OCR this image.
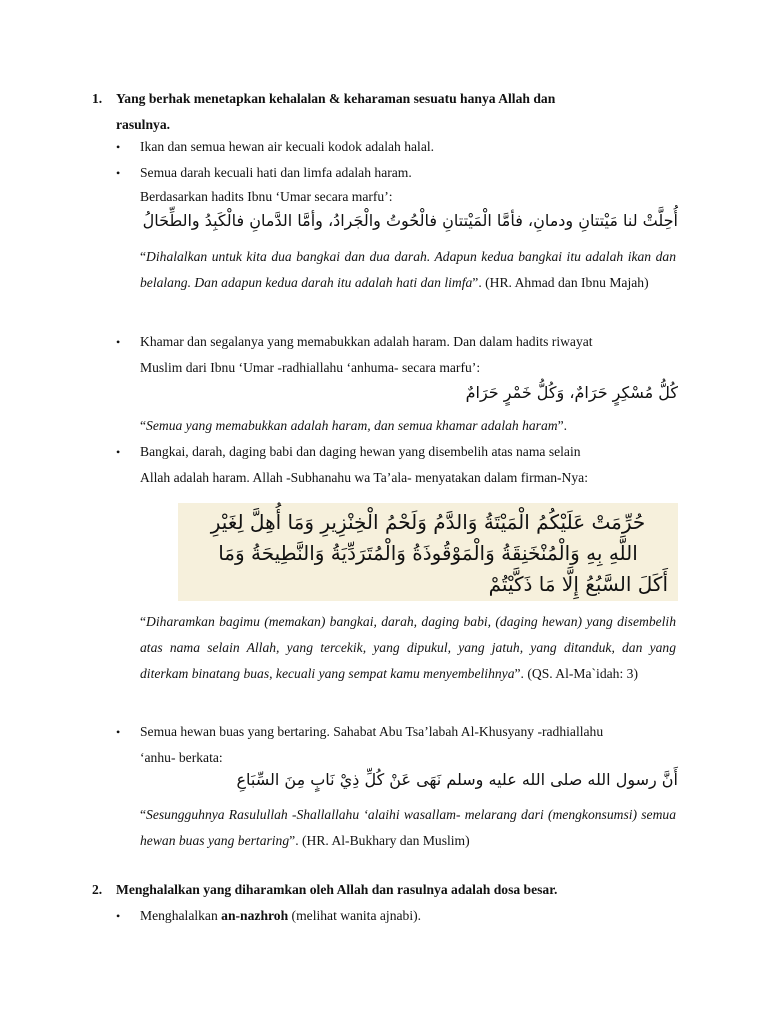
1. Yang berhak menetapkan kehalalan & keharaman sesuatu hanya Allah dan
rasulnya.
• Ikan dan semua hewan air kecuali kodok adalah halal.
• Semua darah kecuali hati dan limfa adalah haram.
Berdasarkan hadits Ibnu ‘Umar secara marfu’:
أُحِلَّتْ لنا مَيْتتانِ ودمانِ، فأمَّا الْمَيْتتانِ فالْحُوتُ والْجَرادُ، وأمَّا الدَّمانِ فالْكَبِدُ والطِّحَالُ
“Dihalalkan untuk kita dua bangkai dan dua darah. Adapun kedua bangkai itu adalah ikan dan belalang. Dan adapun kedua darah itu adalah hati dan limfa”. (HR. Ahmad dan Ibnu Majah)
• Khamar dan segalanya yang memabukkan adalah haram. Dan dalam hadits riwayat
Muslim dari Ibnu ‘Umar -radhiallahu ‘anhuma- secara marfu’:
كُلُّ مُسْكِرٍ حَرَامٌ، وَكُلُّ خَمْرٍ حَرَامٌ
“Semua yang memabukkan adalah haram, dan semua khamar adalah haram”.
• Bangkai, darah, daging babi dan daging hewan yang disembelih atas nama selain
Allah adalah haram. Allah -Subhanahu wa Ta’ala- menyatakan dalam firman-Nya:
حُرِّمَتْ عَلَيْكُمُ الْمَيْتَةُ وَالدَّمُ وَلَحْمُ الْخِنْزِيرِ وَمَا أُهِلَّ لِغَيْرِ
اللَّهِ بِهِ وَالْمُنْخَنِقَةُ وَالْمَوْقُوذَةُ وَالْمُتَرَدِّيَةُ وَالنَّطِيحَةُ وَمَا
أَكَلَ السَّبُعُ إِلَّا مَا ذَكَّيْتُمْ
“Diharamkan bagimu (memakan) bangkai, darah, daging babi, (daging hewan) yang disembelih atas nama selain Allah, yang tercekik, yang dipukul, yang jatuh, yang ditanduk, dan yang diterkam binatang buas, kecuali yang sempat kamu menyembelihnya”. (QS. Al-Ma`idah: 3)
• Semua hewan buas yang bertaring. Sahabat Abu Tsa’labah Al-Khusyany -radhiallahu
‘anhu- berkata:
أَنَّ رسول الله صلى الله عليه وسلم نَهَى عَنْ كُلِّ ذِيْ نَابٍ مِنَ السِّبَاعِ
“Sesungguhnya Rasulullah -Shallallahu ‘alaihi wasallam- melarang dari (mengkonsumsi) semua hewan buas yang bertaring”. (HR. Al-Bukhary dan Muslim)
2. Menghalalkan yang diharamkan oleh Allah dan rasulnya adalah dosa besar.
• Menghalalkan an-nazhroh (melihat wanita ajnabi).
